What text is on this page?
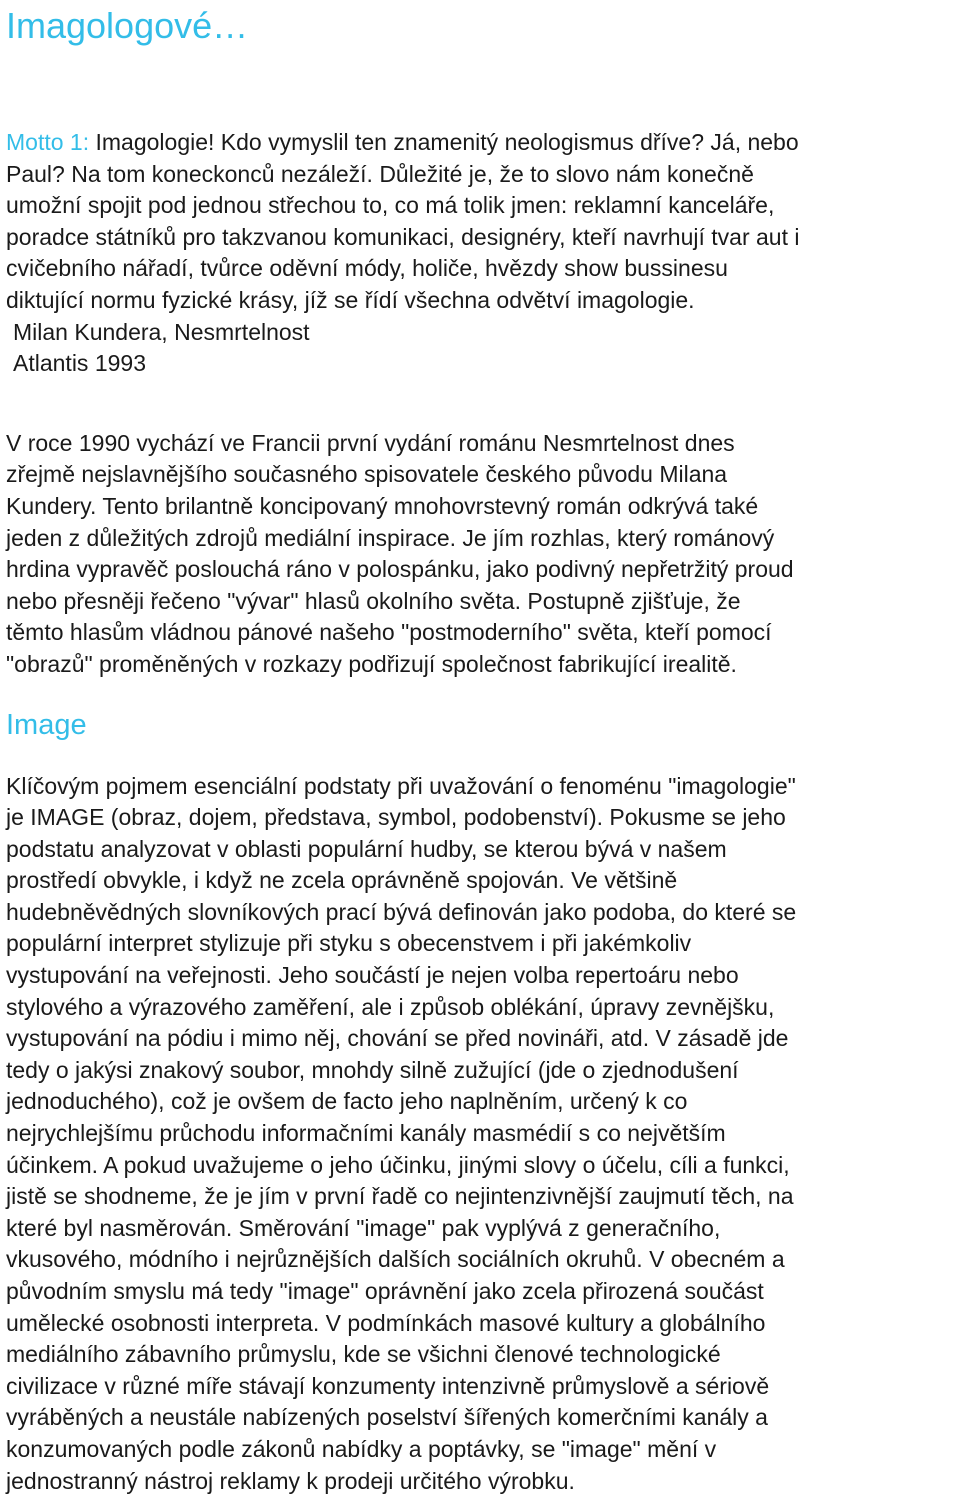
Imagologové…

Motto 1: Imagologie! Kdo vymyslil ten znamenitý neologismus dříve? Já, nebo

Paul? Na tom koneckonců nezáleží. Důležité je, že to slovo nám konečně

umožní spojit pod jednou střechou to, co má tolik jmen: reklamní kanceláře,

poradce státníků pro takzvanou komunikaci, designéry, kteří navrhují tvar aut i

cvičebního nářadí, tvůrce oděvní módy, holiče, hvězdy show bussinesu

diktující normu fyzické krásy, jíž se řídí všechna odvětví imagologie.

Milan Kundera, Nesmrtelnost

Atlantis 1993

V roce 1990 vychází ve Francii první vydání románu Nesmrtelnost dnes

zřejmě nejslavnějšího současného spisovatele českého původu Milana

Kundery. Tento brilantně koncipovaný mnohovrstevný román odkrývá také

jeden z důležitých zdrojů mediální inspirace. Je jím rozhlas, který románový

hrdina vypravěč poslouchá ráno v polospánku, jako podivný nepřetržitý proud

nebo přesněji řečeno "vývar" hlasů okolního světa. Postupně zjišťuje, že

těmto hlasům vládnou pánové našeho "postmoderního" světa, kteří pomocí

"obrazů" proměněných v rozkazy podřizují společnost fabrikující irealitě.

Image

Klíčovým pojmem esenciální podstaty při uvažování o fenoménu "imagologie"

je IMAGE (obraz, dojem, představa, symbol, podobenství). Pokusme se jeho

podstatu analyzovat v oblasti populární hudby, se kterou bývá v našem

prostředí obvykle, i když ne zcela oprávněně spojován. Ve většině

hudebněvědných slovníkových prací bývá definován jako podoba, do které se

populární interpret stylizuje při styku s obecenstvem i při jakémkoliv

vystupování na veřejnosti. Jeho součástí je nejen volba repertoáru nebo

stylového a výrazového zaměření, ale i způsob oblékání, úpravy zevnějšku,

vystupování na pódiu i mimo něj, chování se před novináři, atd. V zásadě jde

tedy o jakýsi znakový soubor, mnohdy silně zužující (jde o zjednodušení

jednoduchého), což je ovšem de facto jeho naplněním, určený k co

nejrychlejšímu průchodu informačními kanály masmédií s co největším

účinkem. A pokud uvažujeme o jeho účinku, jinými slovy o účelu, cíli a funkci,

jistě se shodneme, že je jím v první řadě co nejintenzivnější zaujmutí těch, na

které byl nasměrován. Směrování "image" pak vyplývá z generačního,

vkusového, módního i nejrůznějších dalších sociálních okruhů. V obecném a

původním smyslu má tedy "image" oprávnění jako zcela přirozená součást

umělecké osobnosti interpreta. V podmínkách masové kultury a globálního

mediálního zábavního průmyslu, kde se všichni členové technologické

civilizace v různé míře stávají konzumenty intenzivně průmyslově a sériově

vyráběných a neustále nabízených poselství šířených komerčními kanály a

konzumovaných podle zákonů nabídky a poptávky, se "image" mění v

jednostranný nástroj reklamy k prodeji určitého výrobku.
